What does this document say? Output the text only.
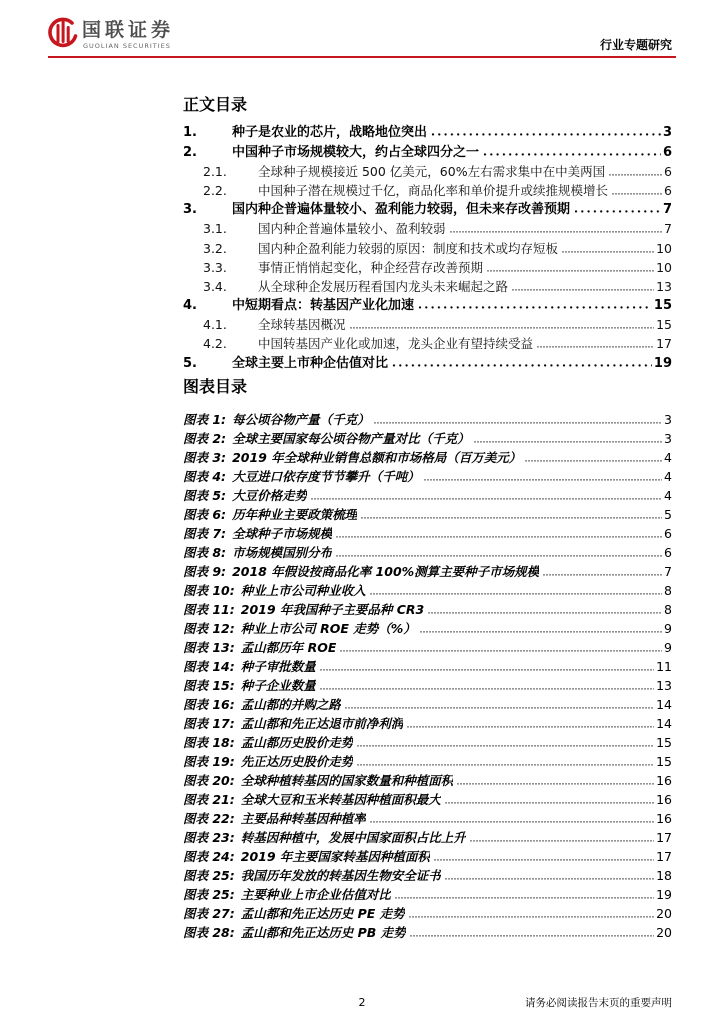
国联证券
GUOLIAN SECURITIES	行业专题研究
正文目录
1.	种子是农业的芯片，战略地位突出	3
2.	中国种子市场规模较大，约占全球四分之一	6
2.1.	全球种子规模接近 500 亿美元，60%左右需求集中在中美两国	6
2.2.	中国种子潜在规模过千亿，商品化率和单价提升或续推规模增长	6
3.	国内种企普遍体量较小、盈利能力较弱，但未来存改善预期	7
3.1.	国内种企普遍体量较小、盈利较弱	7
3.2.	国内种企盈利能力较弱的原因：制度和技术或均存短板	10
3.3.	事情正悄悄起变化，种企经营存改善预期	10
3.4.	从全球种企发展历程看国内龙头未来崛起之路	13
4.	中短期看点：转基因产业化加速	15
4.1.	全球转基因概况	15
4.2.	中国转基因产业化或加速，龙头企业有望持续受益	17
5.	全球主要上市种企估值对比	19
图表目录
图表 1: 每公顷谷物产量（千克）	3
图表 2: 全球主要国家每公顷谷物产量对比（千克）	3
图表 3: 2019 年全球种业销售总额和市场格局（百万美元）	4
图表 4: 大豆进口依存度节节攀升（千吨）	4
图表 5: 大豆价格走势	4
图表 6: 历年种业主要政策梳理	5
图表 7: 全球种子市场规模	6
图表 8: 市场规模国别分布	6
图表 9: 2018 年假设按商品化率 100%测算主要种子市场规模	7
图表 10: 种业上市公司种业收入	8
图表 11: 2019 年我国种子主要品种 CR3	8
图表 12: 种业上市公司 ROE 走势（%）	9
图表 13: 孟山都历年 ROE	9
图表 14: 种子审批数量	11
图表 15: 种子企业数量	13
图表 16: 孟山都的并购之路	14
图表 17: 孟山都和先正达退市前净利润	14
图表 18: 孟山都历史股价走势	15
图表 19: 先正达历史股价走势	15
图表 20: 全球种植转基因的国家数量和种植面积	16
图表 21: 全球大豆和玉米转基因种植面积最大	16
图表 22: 主要品种转基因种植率	16
图表 23: 转基因种植中，发展中国家面积占比上升	17
图表 24: 2019 年主要国家转基因种植面积	17
图表 25: 我国历年发放的转基因生物安全证书	18
图表 25: 主要种业上市企业估值对比	19
图表 27: 孟山都和先正达历史 PE 走势	20
图表 28: 孟山都和先正达历史 PB 走势	20
2	请务必阅读报告末页的重要声明
